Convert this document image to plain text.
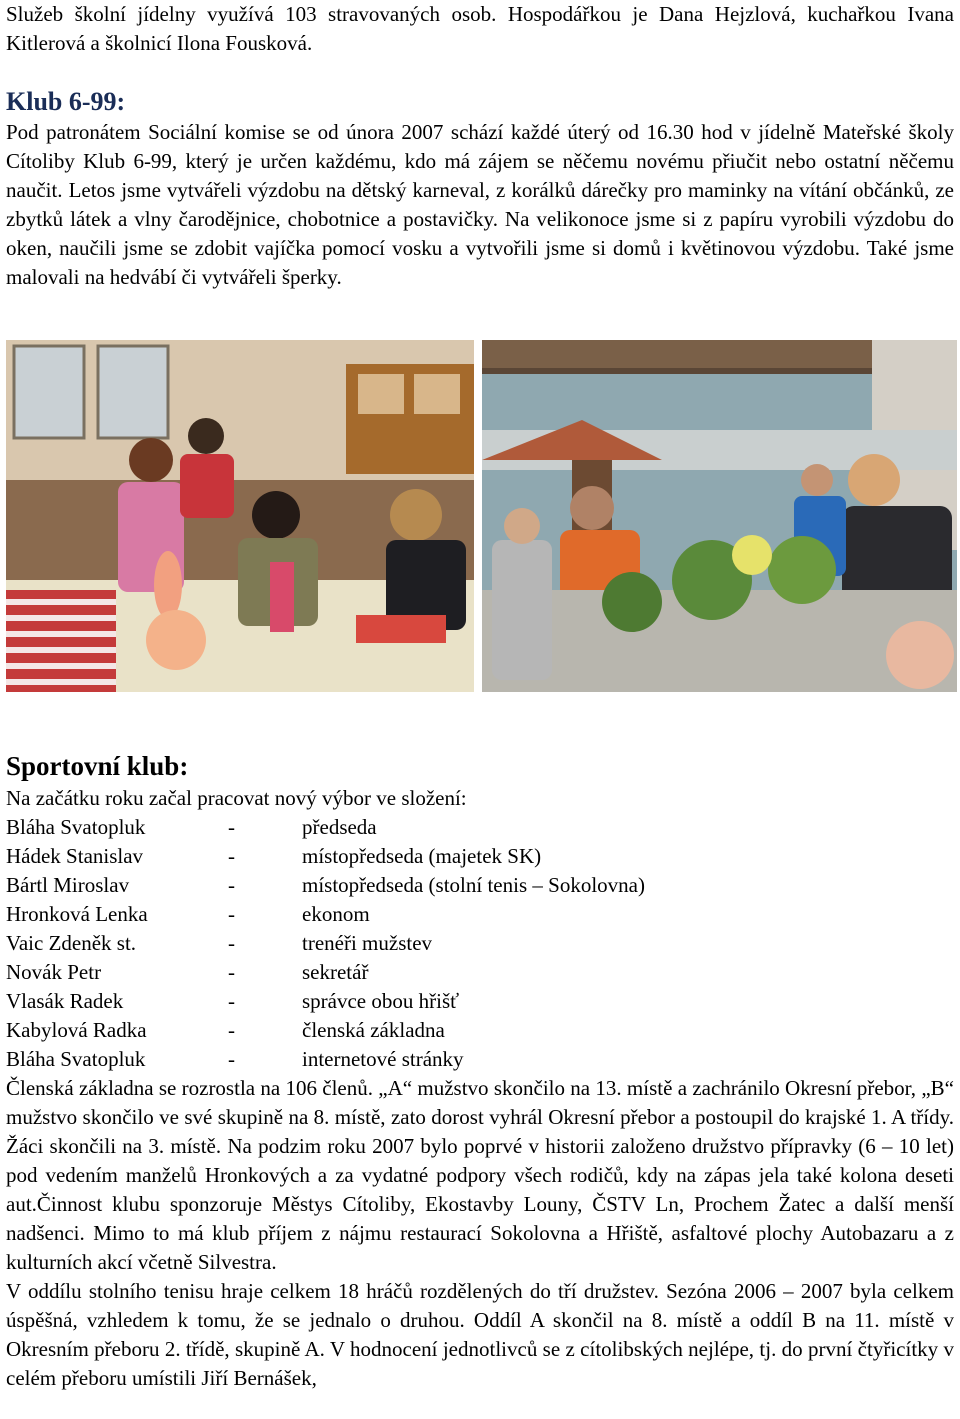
Služeb školní jídelny využívá 103 stravovaných osob. Hospodářkou je Dana Hejzlová, kuchařkou Ivana Kitlerová a školnicí Ilona Fousková.

Klub 6-99:

Pod patronátem Sociální komise se od února 2007 schází každé úterý od 16.30 hod v jídelně Mateřské školy Cítoliby Klub 6-99, který je určen každému, kdo má zájem se něčemu novému přiučit nebo ostatní něčemu naučit. Letos jsme vytvářeli výzdobu na dětský karneval, z korálků dárečky pro maminky na vítání občánků, ze zbytků látek a vlny čarodějnice, chobotnice a postavičky. Na velikonoce jsme si z papíru vyrobili výzdobu do oken, naučili jsme se zdobit vajíčka pomocí vosku a vytvořili jsme si domů i květinovou výzdobu. Také jsme malovali na hedvábí či vytvářeli šperky.

Sportovní klub:

Na začátku roku začal pracovat nový výbor ve složení:

Bláha Svatopluk	-	předseda
Hádek Stanislav	-	místopředseda (majetek SK)
Bártl Miroslav	-	místopředseda (stolní tenis – Sokolovna)
Hronková Lenka	-	ekonom
Vaic Zdeněk st.	-	trenéři mužstev
Novák Petr	-	sekretář
Vlasák Radek	-	správce obou hřišť
Kabylová Radka	-	členská základna
Bláha Svatopluk	-	internetové stránky

Členská základna se rozrostla na 106 členů. „A“ mužstvo skončilo na 13. místě a zachránilo Okresní přebor, „B“ mužstvo skončilo ve své skupině na 8. místě, zato dorost vyhrál Okresní přebor a postoupil do krajské 1. A třídy. Žáci skončili na 3. místě. Na podzim roku 2007 bylo poprvé v historii založeno družstvo přípravky (6 – 10 let) pod vedením manželů Hronkových a za vydatné podpory všech rodičů, kdy na zápas jela také kolona deseti aut.Činnost klubu sponzoruje Městys Cítoliby, Ekostavby Louny, ČSTV Ln, Prochem Žatec a další menší nadšenci. Mimo to má klub příjem z nájmu restaurací Sokolovna a Hřiště, asfaltové plochy Autobazaru a z kulturních akcí včetně Silvestra.

V oddílu stolního tenisu hraje celkem 18 hráčů rozdělených do tří družstev. Sezóna 2006 – 2007 byla celkem úspěšná, vzhledem k tomu, že se jednalo o druhou. Oddíl A skončil na 8. místě a oddíl B na 11. místě v Okresním přeboru 2. třídě, skupině A. V hodnocení jednotlivců se z cítolibských nejlépe, tj. do první čtyřicítky v celém přeboru umístili Jiří Bernášek,
